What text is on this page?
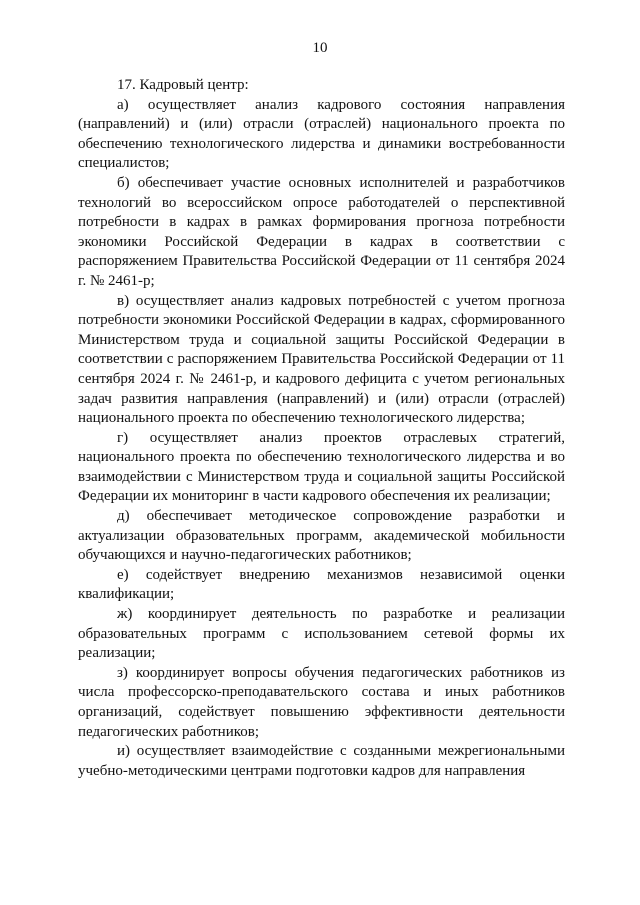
10

17. Кадровый центр:

а) осуществляет анализ кадрового состояния направления (направлений) и (или) отрасли (отраслей) национального проекта по обеспечению технологического лидерства и динамики востребованности специалистов;

б) обеспечивает участие основных исполнителей и разработчиков технологий во всероссийском опросе работодателей о перспективной потребности в кадрах в рамках формирования прогноза потребности экономики Российской Федерации в кадрах в соответствии с распоряжением Правительства Российской Федерации от 11 сентября 2024 г. № 2461-р;

в) осуществляет анализ кадровых потребностей с учетом прогноза потребности экономики Российской Федерации в кадрах, сформированного Министерством труда и социальной защиты Российской Федерации в соответствии с распоряжением Правительства Российской Федерации от 11 сентября 2024 г. № 2461-р, и кадрового дефицита с учетом региональных задач развития направления (направлений) и (или) отрасли (отраслей) национального проекта по обеспечению технологического лидерства;

г) осуществляет анализ проектов отраслевых стратегий, национального проекта по обеспечению технологического лидерства и во взаимодействии с Министерством труда и социальной защиты Российской Федерации их мониторинг в части кадрового обеспечения их реализации;

д) обеспечивает методическое сопровождение разработки и актуализации образовательных программ, академической мобильности обучающихся и научно-педагогических работников;

е) содействует внедрению механизмов независимой оценки квалификации;

ж) координирует деятельность по разработке и реализации образовательных программ с использованием сетевой формы их реализации;

з) координирует вопросы обучения педагогических работников из числа профессорско-преподавательского состава и иных работников организаций, содействует повышению эффективности деятельности педагогических работников;

и) осуществляет взаимодействие с созданными межрегиональными учебно-методическими центрами подготовки кадров для направления
